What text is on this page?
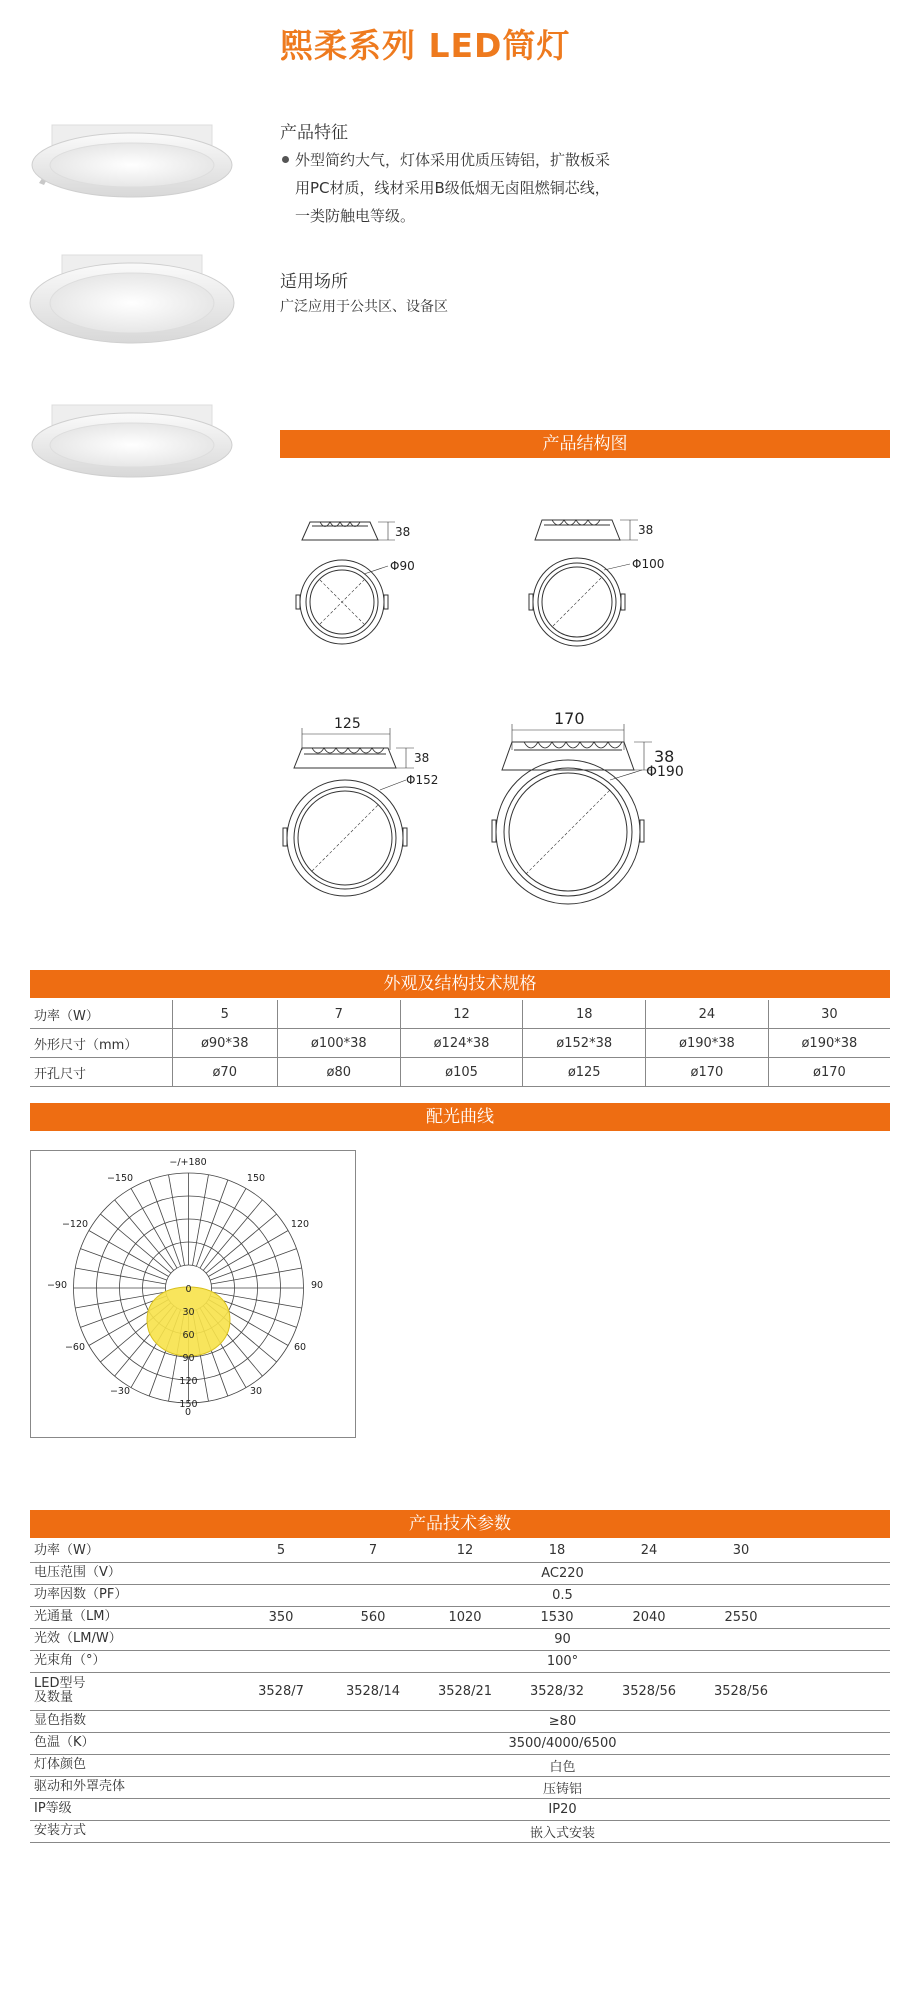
熙柔系列 LED筒灯
产品特征
外型简约大气，灯体采用优质压铸铝，扩散板采
用PC材质，线材采用B级低烟无卤阻燃铜芯线，
一类防触电等级。
适用场所
广泛应用于公共区、设备区
产品结构图
38
Φ90
38
Φ100
125
38
Φ152
170
38
Φ190
外观及结构技术规格
功率（W）	5	7	12	18	24	30
外形尺寸（mm）	ø90*38	ø100*38	ø124*38	ø152*38	ø190*38	ø190*38
开孔尺寸	ø70	ø80	ø105	ø125	ø170	ø170
配光曲线
−/+180
−150	150
−120	120
−90	90
−60	60
−30	30
0
0
30
60
90
120
150
产品技术参数
功率（W）	5	7	12	18	24	30	
电压范围（V）	AC220						
功率因数（PF）	0.5						
光通量（LM）	350	560	1020	1530	2040	2550	
光效（LM/W）	90						
光束角（°）	100°						
LED型号
及数量	3528/7	3528/14	3528/21	3528/32	3528/56	3528/56	
显色指数	≥80						
色温（K）	3500/4000/6500						
灯体颜色	白色						
驱动和外罩壳体	压铸铝						
IP等级	IP20						
安装方式	嵌入式安装						
